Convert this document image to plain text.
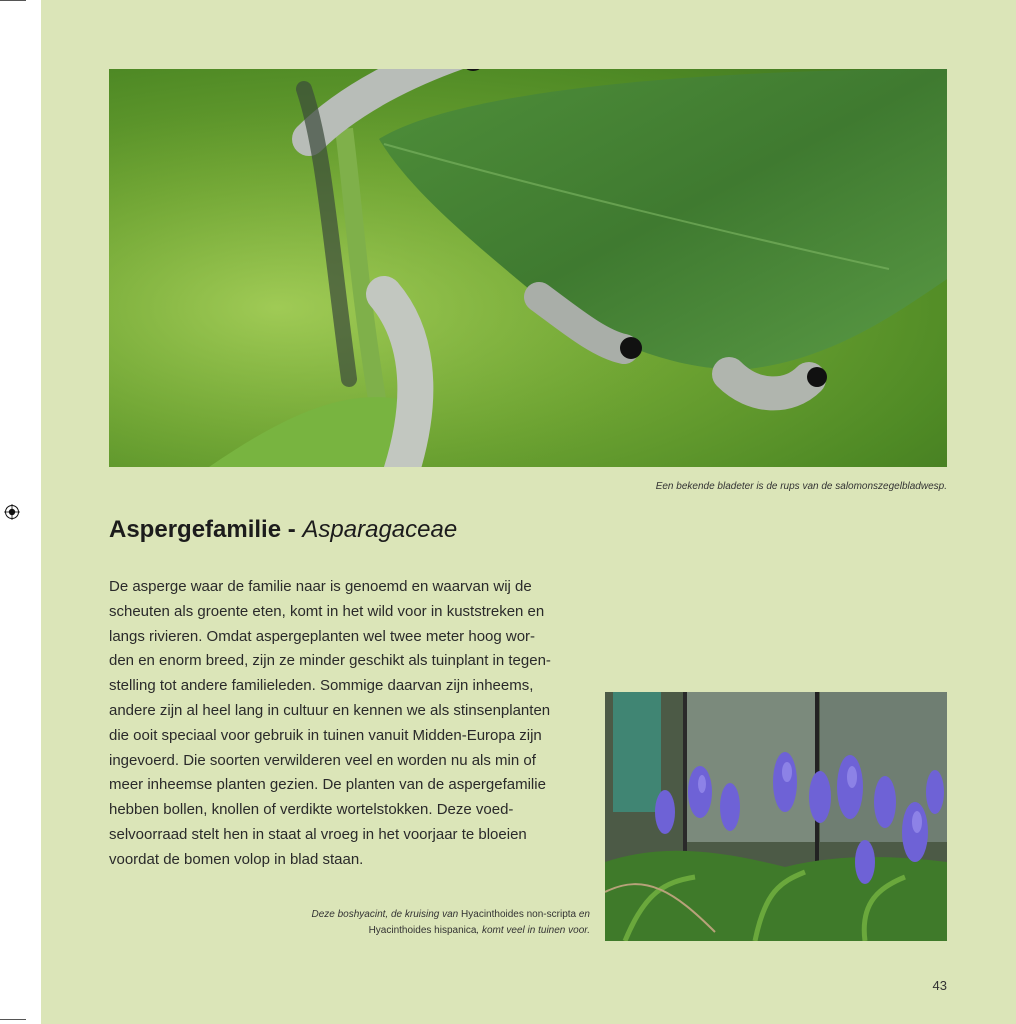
Een bekende bladeter is de rups van de salomonszegelbladwesp.
Aspergefamilie - Asparagaceae

De asperge waar de familie naar is genoemd en waarvan wij de

scheuten als groente eten, komt in het wild voor in kuststreken en

langs rivieren. Omdat aspergeplanten wel twee meter hoog wor-

den en enorm breed, zijn ze minder geschikt als tuinplant in tegen-

stelling tot andere familieleden. Sommige daarvan zijn inheems,

andere zijn al heel lang in cultuur en kennen we als stinsenplanten

die ooit speciaal voor gebruik in tuinen vanuit Midden-Europa zijn

ingevoerd. Die soorten verwilderen veel en worden nu als min of

meer inheemse planten gezien. De planten van de aspergefamilie

hebben bollen, knollen of verdikte wortelstokken. Deze voed-

selvoorraad stelt hen in staat al vroeg in het voorjaar te bloeien

voordat de bomen volop in blad staan.

Deze boshyacint, de kruising van Hyacinthoides non-scripta en
Hyacinthoides hispanica, komt veel in tuinen voor.
43
